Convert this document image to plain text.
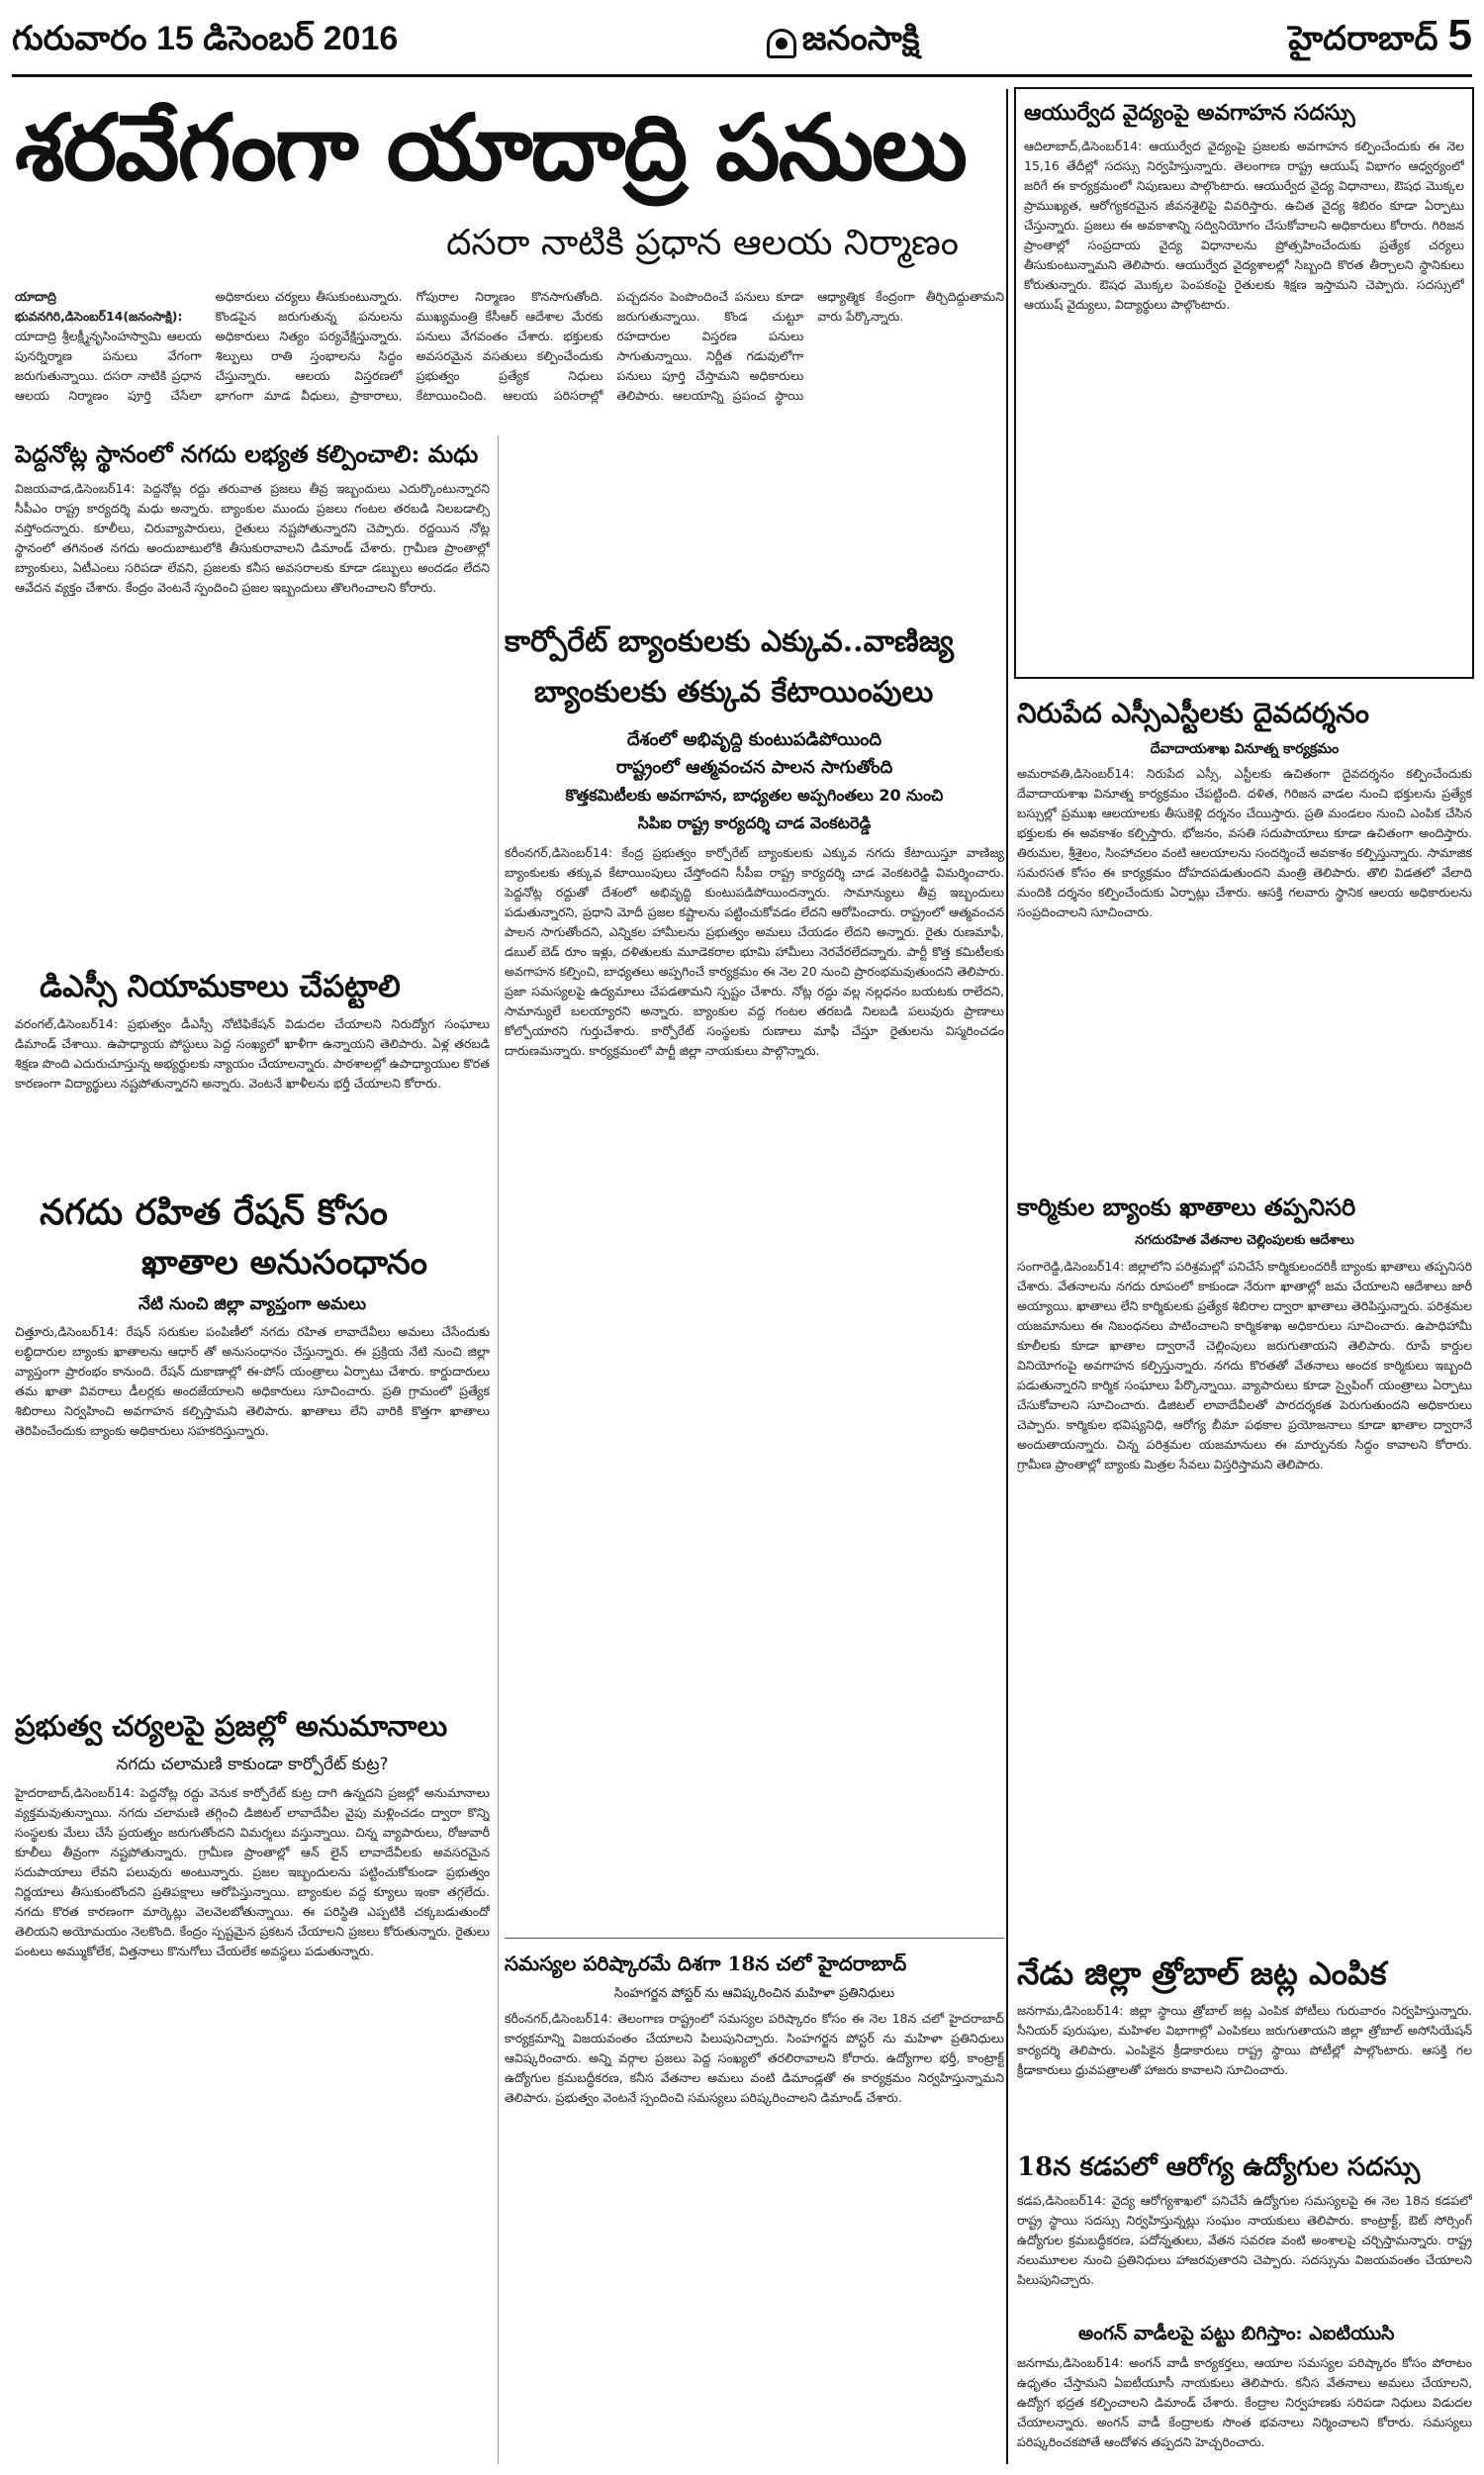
గురువారం 15 డిసెంబర్ 2016	జనంసాక్షి	హైదరాబాద్ 5
శరవేగంగా యాదాద్రి పనులు
దసరా నాటికి ప్రధాన ఆలయ నిర్మాణం
యాదాద్రి భువనగిరి,డిసెంబర్14(జనంసాక్షి): యాదాద్రి శ్రీలక్ష్మీనృసింహస్వామి ఆలయ పునర్నిర్మాణ పనులు వేగంగా జరుగుతున్నాయి. దసరా నాటికి ప్రధాన ఆలయ నిర్మాణం పూర్తి చేసేలా అధికారులు చర్యలు తీసుకుంటున్నారు. కొండపైన జరుగుతున్న పనులను అధికారులు నిత్యం పర్యవేక్షిస్తున్నారు. శిల్పులు రాతి స్తంభాలను సిద్ధం చేస్తున్నారు. ఆలయ విస్తరణలో భాగంగా మాడ వీధులు, ప్రాకారాలు, గోపురాల నిర్మాణం కొనసాగుతోంది. ముఖ్యమంత్రి కేసీఆర్ ఆదేశాల మేరకు పనులు వేగవంతం చేశారు. భక్తులకు అవసరమైన వసతులు కల్పించేందుకు ప్రభుత్వం ప్రత్యేక నిధులు కేటాయించింది. ఆలయ పరిసరాల్లో పచ్చదనం పెంపొందించే పనులు కూడా జరుగుతున్నాయి. కొండ చుట్టూ రహదారుల విస్తరణ పనులు సాగుతున్నాయి. నిర్ణీత గడువులోగా పనులు పూర్తి చేస్తామని అధికారులు తెలిపారు. ఆలయాన్ని ప్రపంచ స్థాయి ఆధ్యాత్మిక కేంద్రంగా తీర్చిదిద్దుతామని వారు పేర్కొన్నారు.
పెద్దనోట్ల స్థానంలో నగదు లభ్యత కల్పించాలి: మధు
విజయవాడ,డిసెంబర్14: పెద్దనోట్ల రద్దు తరువాత ప్రజలు తీవ్ర ఇబ్బందులు ఎదుర్కొంటున్నారని సీపీఎం రాష్ట్ర కార్యదర్శి మధు అన్నారు. బ్యాంకుల ముందు ప్రజలు గంటల తరబడి నిలబడాల్సి వస్తోందన్నారు. కూలీలు, చిరువ్యాపారులు, రైతులు నష్టపోతున్నారని చెప్పారు. రద్దయిన నోట్ల స్థానంలో తగినంత నగదు అందుబాటులోకి తీసుకురావాలని డిమాండ్ చేశారు. గ్రామీణ ప్రాంతాల్లో బ్యాంకులు, ఏటీఎంలు సరిపడా లేవని, ప్రజలకు కనీస అవసరాలకు కూడా డబ్బులు అందడం లేదని ఆవేదన వ్యక్తం చేశారు. కేంద్రం వెంటనే స్పందించి ప్రజల ఇబ్బందులు తొలగించాలని కోరారు.
డిఎస్సీ నియామకాలు చేపట్టాలి
వరంగల్,డిసెంబర్14: ప్రభుత్వం డీఎస్సీ నోటిఫికేషన్ విడుదల చేయాలని నిరుద్యోగ సంఘాలు డిమాండ్ చేశాయి. ఉపాధ్యాయ పోస్టులు పెద్ద సంఖ్యలో ఖాళీగా ఉన్నాయని తెలిపారు. ఏళ్ల తరబడి శిక్షణ పొంది ఎదురుచూస్తున్న అభ్యర్థులకు న్యాయం చేయాలన్నారు. పాఠశాలల్లో ఉపాధ్యాయుల కొరత కారణంగా విద్యార్థులు నష్టపోతున్నారని అన్నారు. వెంటనే ఖాళీలను భర్తీ చేయాలని కోరారు.
నగదు రహిత రేషన్ కోసం
ఖాతాల అనుసంధానం
నేటి నుంచి జిల్లా వ్యాప్తంగా అమలు
చిత్తూరు,డిసెంబర్14: రేషన్ సరుకుల పంపిణీలో నగదు రహిత లావాదేవీలు అమలు చేసేందుకు లబ్ధిదారుల బ్యాంకు ఖాతాలను ఆధార్ తో అనుసంధానం చేస్తున్నారు. ఈ ప్రక్రియ నేటి నుంచి జిల్లా వ్యాప్తంగా ప్రారంభం కానుంది. రేషన్ దుకాణాల్లో ఈ-పోస్ యంత్రాలు ఏర్పాటు చేశారు. కార్డుదారులు తమ ఖాతా వివరాలు డీలర్లకు అందజేయాలని అధికారులు సూచించారు. ప్రతి గ్రామంలో ప్రత్యేక శిబిరాలు నిర్వహించి అవగాహన కల్పిస్తామని తెలిపారు. ఖాతాలు లేని వారికి కొత్తగా ఖాతాలు తెరిపించేందుకు బ్యాంకు అధికారులు సహకరిస్తున్నారు.
ప్రభుత్వ చర్యలపై ప్రజల్లో అనుమానాలు
నగదు చలామణి కాకుండా కార్పోరేట్ కుట్ర?
హైదరాబాద్,డిసెంబర్14: పెద్దనోట్ల రద్దు వెనుక కార్పోరేట్ కుట్ర దాగి ఉన్నదని ప్రజల్లో అనుమానాలు వ్యక్తమవుతున్నాయి. నగదు చలామణి తగ్గించి డిజిటల్ లావాదేవీల వైపు మళ్లించడం ద్వారా కొన్ని సంస్థలకు మేలు చేసే ప్రయత్నం జరుగుతోందని విమర్శలు వస్తున్నాయి. చిన్న వ్యాపారులు, రోజువారీ కూలీలు తీవ్రంగా నష్టపోతున్నారు. గ్రామీణ ప్రాంతాల్లో ఆన్ లైన్ లావాదేవీలకు అవసరమైన సదుపాయాలు లేవని పలువురు అంటున్నారు. ప్రజల ఇబ్బందులను పట్టించుకోకుండా ప్రభుత్వం నిర్ణయాలు తీసుకుంటోందని ప్రతిపక్షాలు ఆరోపిస్తున్నాయి. బ్యాంకుల వద్ద క్యూలు ఇంకా తగ్గలేదు. నగదు కొరత కారణంగా మార్కెట్లు వెలవెలబోతున్నాయి. ఈ పరిస్థితి ఎప్పటికి చక్కబడుతుందో తెలియని అయోమయం నెలకొంది. కేంద్రం స్పష్టమైన ప్రకటన చేయాలని ప్రజలు కోరుతున్నారు. రైతులు పంటలు అమ్ముకోలేక, విత్తనాలు కొనుగోలు చేయలేక అవస్థలు పడుతున్నారు.
కార్పోరేట్ బ్యాంకులకు ఎక్కువ..వాణిజ్య
బ్యాంకులకు తక్కువ కేటాయింపులు
దేశంలో అభివృద్ది కుంటుపడిపోయింది
రాష్ట్రంలో ఆత్మవంచన పాలన సాగుతోంది
కొత్తకమిటీలకు అవగాహన, బాధ్యతల అప్పగింతలు 20 నుంచి
సిపిఐ రాష్ట్ర కార్యదర్శి చాడ వెంకటరెడ్డి
కరీంనగర్,డిసెంబర్14: కేంద్ర ప్రభుత్వం కార్పోరేట్ బ్యాంకులకు ఎక్కువ నగదు కేటాయిస్తూ వాణిజ్య బ్యాంకులకు తక్కువ కేటాయింపులు చేస్తోందని సీపీఐ రాష్ట్ర కార్యదర్శి చాడ వెంకటరెడ్డి విమర్శించారు. పెద్దనోట్ల రద్దుతో దేశంలో అభివృద్ధి కుంటుపడిపోయిందన్నారు. సామాన్యులు తీవ్ర ఇబ్బందులు పడుతున్నారని, ప్రధాని మోదీ ప్రజల కష్టాలను పట్టించుకోవడం లేదని ఆరోపించారు. రాష్ట్రంలో ఆత్మవంచన పాలన సాగుతోందని, ఎన్నికల హామీలను ప్రభుత్వం అమలు చేయడం లేదని అన్నారు. రైతు రుణమాఫీ, డబుల్ బెడ్ రూం ఇళ్లు, దళితులకు మూడెకరాల భూమి హామీలు నెరవేరలేదన్నారు. పార్టీ కొత్త కమిటీలకు అవగాహన కల్పించి, బాధ్యతలు అప్పగించే కార్యక్రమం ఈ నెల 20 నుంచి ప్రారంభమవుతుందని తెలిపారు. ప్రజా సమస్యలపై ఉద్యమాలు చేపడతామని స్పష్టం చేశారు. నోట్ల రద్దు వల్ల నల్లధనం బయటకు రాలేదని, సామాన్యులే బలయ్యారని అన్నారు. బ్యాంకుల వద్ద గంటల తరబడి నిలబడి పలువురు ప్రాణాలు కోల్పోయారని గుర్తుచేశారు. కార్పోరేట్ సంస్థలకు రుణాలు మాఫీ చేస్తూ రైతులను విస్మరించడం దారుణమన్నారు. కార్యక్రమంలో పార్టీ జిల్లా నాయకులు పాల్గొన్నారు.
సమస్యల పరిష్కారమే దిశగా 18న చలో హైదరాబాద్
సింహగర్జన పోస్టర్ ను ఆవిష్కరించిన మహిళా ప్రతినిధులు
కరీంనగర్,డిసెంబర్14: తెలంగాణ రాష్ట్రంలో సమస్యల పరిష్కారం కోసం ఈ నెల 18న చలో హైదరాబాద్ కార్యక్రమాన్ని విజయవంతం చేయాలని పిలుపునిచ్చారు. సింహగర్జన పోస్టర్ ను మహిళా ప్రతినిధులు ఆవిష్కరించారు. అన్ని వర్గాల ప్రజలు పెద్ద సంఖ్యలో తరలిరావాలని కోరారు. ఉద్యోగాల భర్తీ, కాంట్రాక్ట్ ఉద్యోగుల క్రమబద్ధీకరణ, కనీస వేతనాల అమలు వంటి డిమాండ్లతో ఈ కార్యక్రమం నిర్వహిస్తున్నామని తెలిపారు. ప్రభుత్వం వెంటనే స్పందించి సమస్యలు పరిష్కరించాలని డిమాండ్ చేశారు.
ఆయుర్వేద వైద్యంపై అవగాహన సదస్సు
ఆదిలాబాద్,డిసెంబర్14: ఆయుర్వేద వైద్యంపై ప్రజలకు అవగాహన కల్పించేందుకు ఈ నెల 15,16 తేదీల్లో సదస్సు నిర్వహిస్తున్నారు. తెలంగాణ రాష్ట్ర ఆయుష్ విభాగం ఆధ్వర్యంలో జరిగే ఈ కార్యక్రమంలో నిపుణులు పాల్గొంటారు. ఆయుర్వేద వైద్య విధానాలు, ఔషధ మొక్కల ప్రాముఖ్యత, ఆరోగ్యకరమైన జీవనశైలిపై వివరిస్తారు. ఉచిత వైద్య శిబిరం కూడా ఏర్పాటు చేస్తున్నారు. ప్రజలు ఈ అవకాశాన్ని సద్వినియోగం చేసుకోవాలని అధికారులు కోరారు. గిరిజన ప్రాంతాల్లో సంప్రదాయ వైద్య విధానాలను ప్రోత్సహించేందుకు ప్రత్యేక చర్యలు తీసుకుంటున్నామని తెలిపారు. ఆయుర్వేద వైద్యశాలల్లో సిబ్బంది కొరత తీర్చాలని స్థానికులు కోరుతున్నారు. ఔషధ మొక్కల పెంపకంపై రైతులకు శిక్షణ ఇస్తామని చెప్పారు. సదస్సులో ఆయుష్ వైద్యులు, విద్యార్థులు పాల్గొంటారు.
నిరుపేద ఎస్సీఎస్టీలకు దైవదర్శనం
దేవాదాయశాఖ వినూత్న కార్యక్రమం
అమరావతి,డిసెంబర్14: నిరుపేద ఎస్సీ, ఎస్టీలకు ఉచితంగా దైవదర్శనం కల్పించేందుకు దేవాదాయశాఖ వినూత్న కార్యక్రమం చేపట్టింది. దళిత, గిరిజన వాడల నుంచి భక్తులను ప్రత్యేక బస్సుల్లో ప్రముఖ ఆలయాలకు తీసుకెళ్లి దర్శనం చేయిస్తారు. ప్రతి మండలం నుంచి ఎంపిక చేసిన భక్తులకు ఈ అవకాశం కల్పిస్తారు. భోజనం, వసతి సదుపాయాలు కూడా ఉచితంగా అందిస్తారు. తిరుమల, శ్రీశైలం, సింహాచలం వంటి ఆలయాలను సందర్శించే అవకాశం కల్పిస్తున్నారు. సామాజిక సమరసత కోసం ఈ కార్యక్రమం దోహదపడుతుందని మంత్రి తెలిపారు. తొలి విడతలో వేలాది మందికి దర్శనం కల్పించేందుకు ఏర్పాట్లు చేశారు. ఆసక్తి గలవారు స్థానిక ఆలయ అధికారులను సంప్రదించాలని సూచించారు.
కార్మికుల బ్యాంకు ఖాతాలు తప్పనిసరి
నగదురహిత వేతనాల చెల్లింపులకు ఆదేశాలు
సంగారెడ్డి,డిసెంబర్14: జిల్లాలోని పరిశ్రమల్లో పనిచేసే కార్మికులందరికీ బ్యాంకు ఖాతాలు తప్పనిసరి చేశారు. వేతనాలను నగదు రూపంలో కాకుండా నేరుగా ఖాతాల్లో జమ చేయాలని ఆదేశాలు జారీ అయ్యాయి. ఖాతాలు లేని కార్మికులకు ప్రత్యేక శిబిరాల ద్వారా ఖాతాలు తెరిపిస్తున్నారు. పరిశ్రమల యజమానులు ఈ నిబంధనలు పాటించాలని కార్మికశాఖ అధికారులు సూచించారు. ఉపాధిహామీ కూలీలకు కూడా ఖాతాల ద్వారానే చెల్లింపులు జరుగుతాయని తెలిపారు. రూపే కార్డుల వినియోగంపై అవగాహన కల్పిస్తున్నారు. నగదు కొరతతో వేతనాలు అందక కార్మికులు ఇబ్బంది పడుతున్నారని కార్మిక సంఘాలు పేర్కొన్నాయి. వ్యాపారులు కూడా స్వైపింగ్ యంత్రాలు ఏర్పాటు చేసుకోవాలని సూచించారు. డిజిటల్ లావాదేవీలతో పారదర్శకత పెరుగుతుందని అధికారులు చెప్పారు. కార్మికుల భవిష్యనిధి, ఆరోగ్య బీమా పథకాల ప్రయోజనాలు కూడా ఖాతాల ద్వారానే అందుతాయన్నారు. చిన్న పరిశ్రమల యజమానులు ఈ మార్పునకు సిద్ధం కావాలని కోరారు. గ్రామీణ ప్రాంతాల్లో బ్యాంకు మిత్రల సేవలు విస్తరిస్తామని తెలిపారు.
నేడు జిల్లా త్రోబాల్ జట్ల ఎంపిక
జనగామ,డిసెంబర్14: జిల్లా స్థాయి త్రోబాల్ జట్ల ఎంపిక పోటీలు గురువారం నిర్వహిస్తున్నారు. సీనియర్ పురుషుల, మహిళల విభాగాల్లో ఎంపికలు జరుగుతాయని జిల్లా త్రోబాల్ అసోసియేషన్ కార్యదర్శి తెలిపారు. ఎంపికైన క్రీడాకారులు రాష్ట్ర స్థాయి పోటీల్లో పాల్గొంటారు. ఆసక్తి గల క్రీడాకారులు ధ్రువపత్రాలతో హాజరు కావాలని సూచించారు.
18న కడపలో ఆరోగ్య ఉద్యోగుల సదస్సు
కడప,డిసెంబర్14: వైద్య ఆరోగ్యశాఖలో పనిచేసే ఉద్యోగుల సమస్యలపై ఈ నెల 18న కడపలో రాష్ట్ర స్థాయి సదస్సు నిర్వహిస్తున్నట్లు సంఘం నాయకులు తెలిపారు. కాంట్రాక్ట్, ఔట్ సోర్సింగ్ ఉద్యోగుల క్రమబద్ధీకరణ, పదోన్నతులు, వేతన సవరణ వంటి అంశాలపై చర్చిస్తామన్నారు. రాష్ట్ర నలుమూలల నుంచి ప్రతినిధులు హాజరవుతారని చెప్పారు. సదస్సును విజయవంతం చేయాలని పిలుపునిచ్చారు.
అంగన్ వాడీలపై పట్టు బిగిస్తాం: ఎఐటియుసి
జనగామ,డిసెంబర్14: అంగన్ వాడీ కార్యకర్తలు, ఆయాల సమస్యల పరిష్కారం కోసం పోరాటం ఉధృతం చేస్తామని ఏఐటీయూసీ నాయకులు తెలిపారు. కనీస వేతనాలు అమలు చేయాలని, ఉద్యోగ భద్రత కల్పించాలని డిమాండ్ చేశారు. కేంద్రాల నిర్వహణకు సరిపడా నిధులు విడుదల చేయాలన్నారు. అంగన్ వాడీ కేంద్రాలకు సొంత భవనాలు నిర్మించాలని కోరారు. సమస్యలు పరిష్కరించకపోతే ఆందోళన తప్పదని హెచ్చరించారు.
